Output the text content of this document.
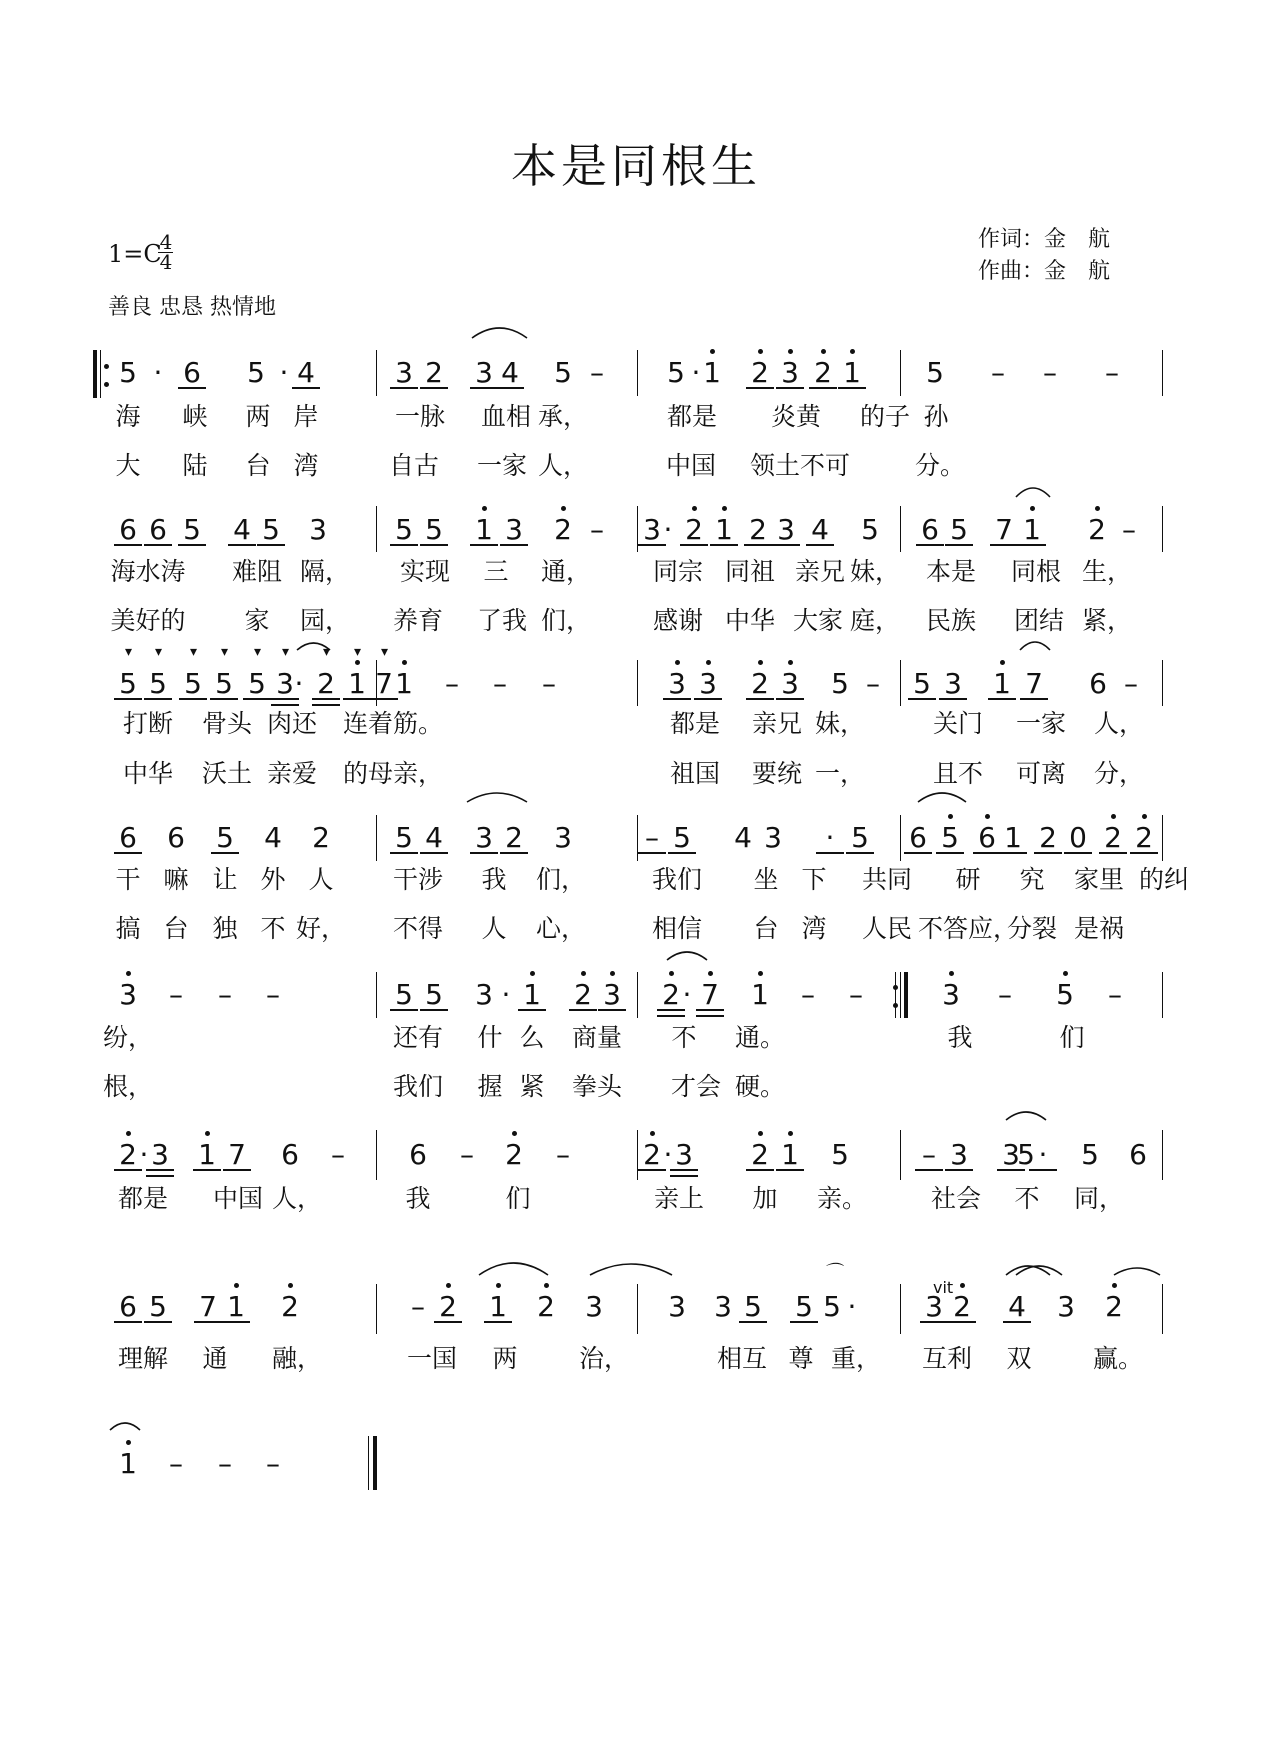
本是同根生
作词：金　航
作曲：金　航
1=C
4
4
善良 忠恳 热情地
vit
5 · 6 5 · 4	3 2 3 4 5 – 5 · 1 2 3 2 1 5 – – –
海 峡 两 岸	一脉 血相 承，	都是 炎黄 的子 孙
大 陆 台 湾	自古 一家 人，	中国 领土不可	分。
6 6 5 4 5 3 5 5 1 3 2 – 3 · 2 1 2 3 4 5 6 5 7 1 2 –
海水涛 难阻 隔， 实现 三 通， 同宗 同祖 亲兄 妹， 本是 同根 生，
美好的 家 园， 养育 了我 们， 感谢 中华 大家 庭， 民族 团结 紧，
5
▾
5
▾
5
▾
5
▾
5
▾
3
▾
· 2
▾
1
▾
7
▾
1 – – –	3 3 2 3 5 – 5 3 1 7 6 –
打断 骨头 肉还 连着 筋。	都是 亲兄 妹，	关门 一家 人，
中华 沃土 亲爱 的母 亲，	祖国 要统 一，	且不 可离 分，
6 6 5 4 2 5 4 3 2 3	– 5 4 3	· 5 6 5 6 1 2 0 2 2
干 嘛 让 外 人 干涉 我 们，	我们 坐 下 共同 研 究 家里 的纠
搞 台 独 不 好， 不得 人 心，	相信 台 湾 人民 不答应，
分裂 是祸
3 – – –	5 5 3 · 1 2 3 2 · 7 1 – –	3 – 5 –
纷，	还有 什 么 商量 不 通。	我	们
根，	我们 握 紧 拳头 才会 硬。
2 · 3 1 7 6 – 6 – 2 –	2 · 3 2 1 5	– 3 3
5 ·	5 6
都是 中国 人，	我	们	亲上 加 亲。	社会 不 同，
6 5 7 1 2	– 2 1 2 3 3 3 5 5 5
⌒
·	3 2 4 3 2
理解 通 融，	一国 两 治，	相互 尊 重， 互利 双 赢。
1 – – –
